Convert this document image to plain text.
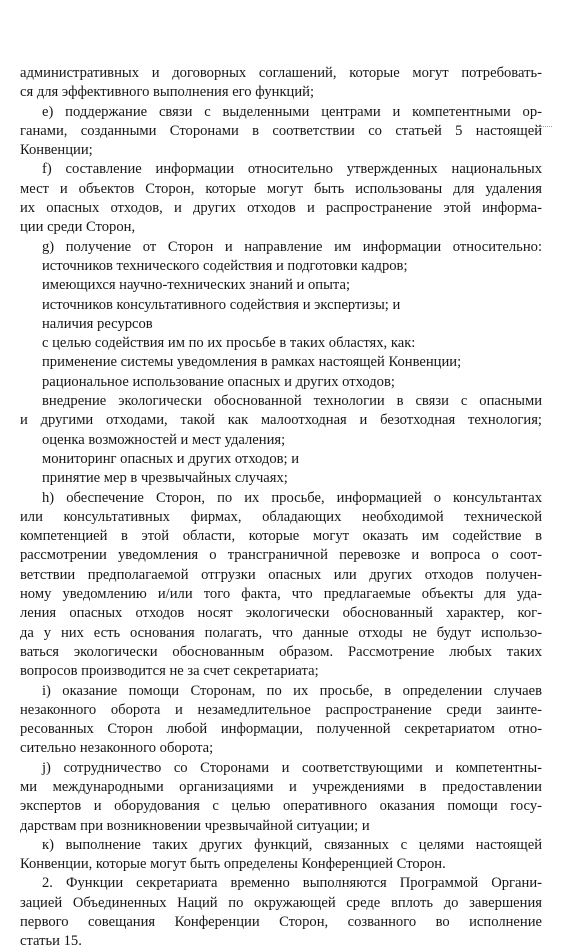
административных и договорных соглашений, которые могут потребовать-
ся для эффективного выполнения его функций;
e) поддержание связи с выделенными центрами и компетентными ор-
ганами, созданными Сторонами в соответствии со статьей 5 настоящей
Конвенции;
f) составление информации относительно утвержденных национальных
мест и объектов Сторон, которые могут быть использованы для удаления
их опасных отходов, и других отходов и распространение этой информа-
ции среди Сторон,
g) получение от Сторон и направление им информации относительно:
источников технического содействия и подготовки кадров;
имеющихся научно-технических знаний и опыта;
источников консультативного содействия и экспертизы; и
наличия ресурсов
с целью содействия им по их просьбе в таких областях, как:
применение системы уведомления в рамках настоящей Конвенции;
рациональное использование опасных и других отходов;
внедрение экологически обоснованной технологии в связи с опасными
и другими отходами, такой как малоотходная и безотходная технология;
оценка возможностей и мест удаления;
мониторинг опасных и других отходов; и
принятие мер в чрезвычайных случаях;
h) обеспечение Сторон, по их просьбе, информацией о консультантах
или консультативных фирмах, обладающих необходимой технической
компетенцией в этой области, которые могут оказать им содействие в
рассмотрении уведомления о трансграничной перевозке и вопроса о соот-
ветствии предполагаемой отгрузки опасных или других отходов получен-
ному уведомлению и/или того факта, что предлагаемые объекты для уда-
ления опасных отходов носят экологически обоснованный характер, ког-
да у них есть основания полагать, что данные отходы не будут использо-
ваться экологически обоснованным образом. Рассмотрение любых таких
вопросов производится не за счет секретариата;
i) оказание помощи Сторонам, по их просьбе, в определении случаев
незаконного оборота и незамедлительное распространение среди заинте-
ресованных Сторон любой информации, полученной секретариатом отно-
сительно незаконного оборота;
j) сотрудничество со Сторонами и соответствующими и компетентны-
ми международными организациями и учреждениями в предоставлении
экспертов и оборудования с целью оперативного оказания помощи госу-
дарствам при возникновении чрезвычайной ситуации; и
к) выполнение таких других функций, связанных с целями настоящей
Конвенции, которые могут быть определены Конференцией Сторон.
2. Функции секретариата временно выполняются Программой Органи-
зацией Объединенных Наций по окружающей среде вплоть до завершения
первого совещания Конференции Сторон, созванного во исполнение
статьи 15.
